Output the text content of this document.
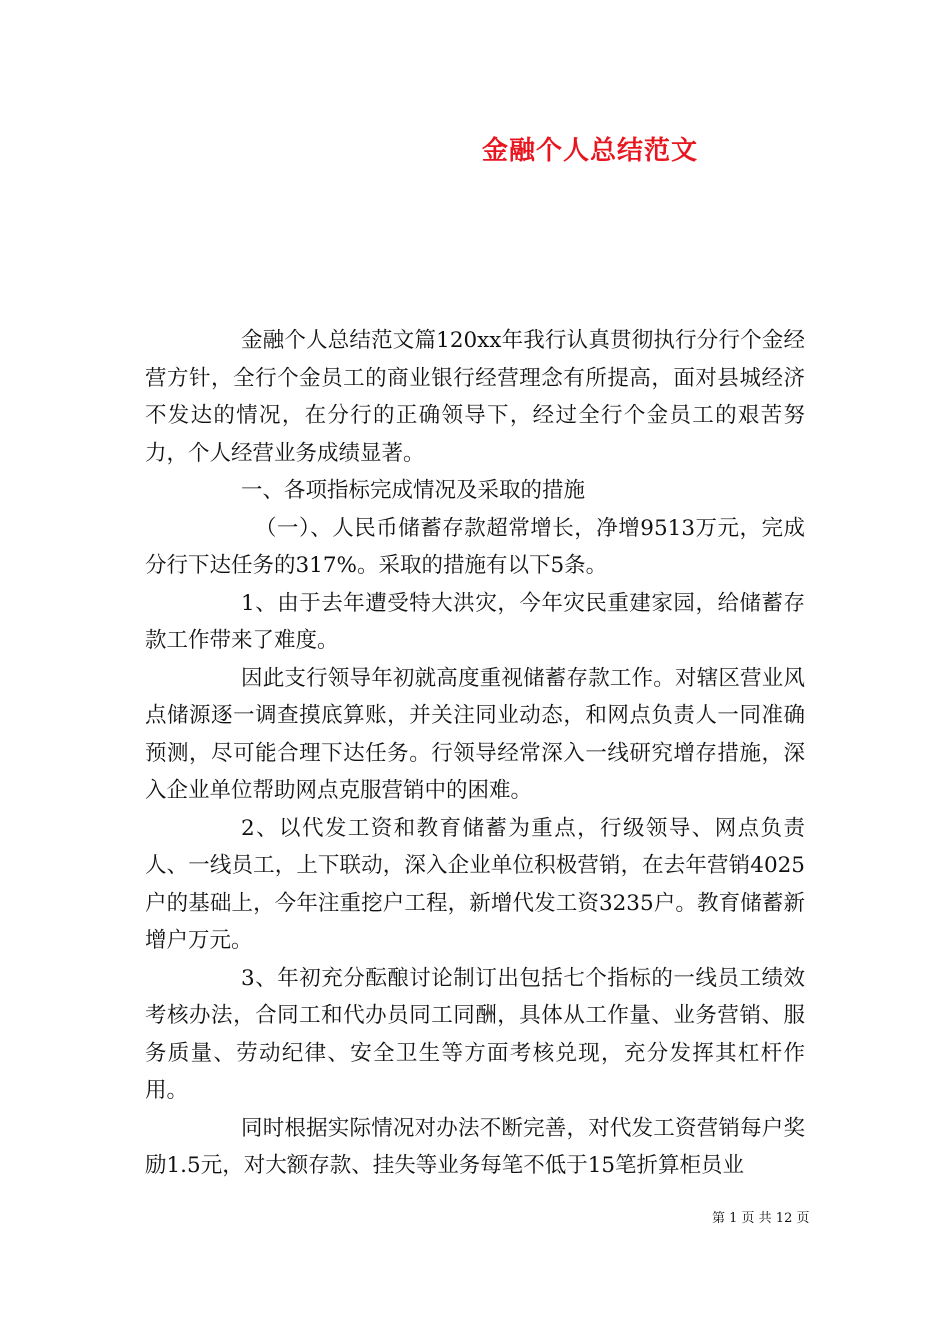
金融个人总结范文

金融个人总结范文篇120xx年我行认真贯彻执行分行个金经营方针，全行个金员工的商业银行经营理念有所提高，面对县城经济不发达的情况，在分行的正确领导下，经过全行个金员工的艰苦努力，个人经营业务成绩显著。

一、各项指标完成情况及采取的措施

（一）、人民币储蓄存款超常增长，净增9513万元，完成分行下达任务的317%。采取的措施有以下5条。

1、由于去年遭受特大洪灾，今年灾民重建家园，给储蓄存款工作带来了难度。

因此支行领导年初就高度重视储蓄存款工作。对辖区营业风点储源逐一调查摸底算账，并关注同业动态，和网点负责人一同准确预测，尽可能合理下达任务。行领导经常深入一线研究增存措施，深入企业单位帮助网点克服营销中的困难。

2、以代发工资和教育储蓄为重点，行级领导、网点负责人、一线员工，上下联动，深入企业单位积极营销，在去年营销4025户的基础上，今年注重挖户工程，新增代发工资3235户。教育储蓄新增户万元。

3、年初充分酝酿讨论制订出包括七个指标的一线员工绩效考核办法，合同工和代办员同工同酬，具体从工作量、业务营销、服务质量、劳动纪律、安全卫生等方面考核兑现，充分发挥其杠杆作用。

同时根据实际情况对办法不断完善，对代发工资营销每户奖励1.5元，对大额存款、挂失等业务每笔不低于15笔折算柜员业

第 1 页 共 12 页
